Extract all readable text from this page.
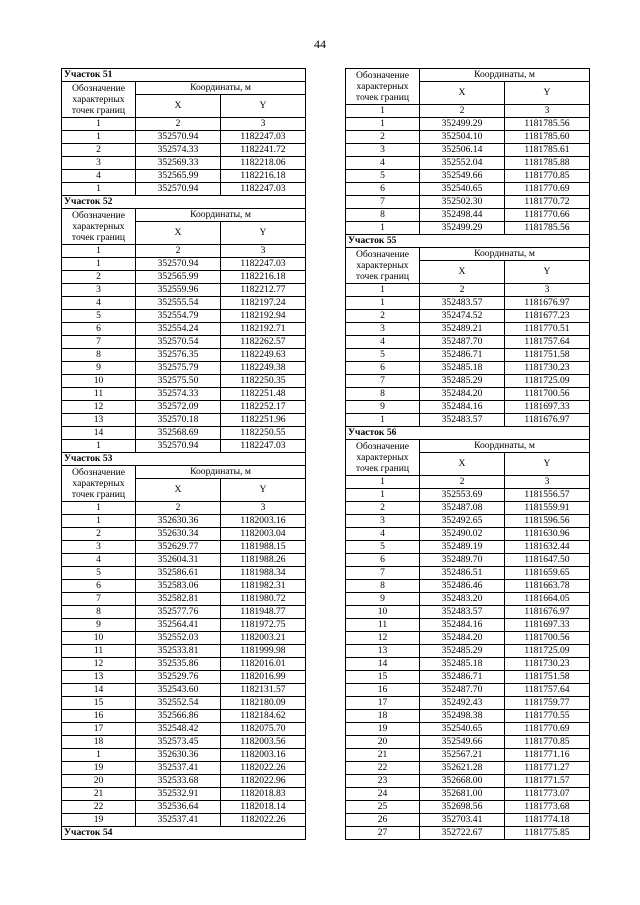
44
Участок 51		
Обозначение характерных точек границ	Координаты, м	
	X	Y
1	2	3
1	352570.94	1182247.03
2	352574.33	1182241.72
3	352569.33	1182218.06
4	352565.99	1182216.18
1	352570.94	1182247.03
Участок 52		
Обозначение характерных точек границ	Координаты, м	
	X	Y
1	2	3
1	352570.94	1182247.03
2	352565.99	1182216.18
3	352559.96	1182212.77
4	352555.54	1182197.24
5	352554.79	1182192.94
6	352554.24	1182192.71
7	352570.54	1182262.57
8	352576.35	1182249.63
9	352575.79	1182249.38
10	352575.50	1182250.35
11	352574.33	1182251.48
12	352572.09	1182252.17
13	352570.18	1182251.96
14	352568.69	1182250.55
1	352570.94	1182247.03
Участок 53		
Обозначение характерных точек границ	Координаты, м	
	X	Y
1	2	3
1	352630.36	1182003.16
2	352630.34	1182003.04
3	352629.77	1181988.15
4	352604.31	1181988.26
5	352586.61	1181988.34
6	352583.06	1181982.31
7	352582.81	1181980.72
8	352577.76	1181948.77
9	352564.41	1181972.75
10	352552.03	1182003.21
11	352533.81	1181999.98
12	352535.86	1182016.01
13	352529.76	1182016.99
14	352543.60	1182131.57
15	352552.54	1182180.09
16	352566.86	1182184.62
17	352548.42	1182075.70
18	352573.45	1182003.56
1	352630.36	1182003.16
19	352537.41	1182022.26
20	352533.68	1182022.96
21	352532.91	1182018.83
22	352536.64	1182018.14
19	352537.41	1182022.26
Участок 54		
Обозначение характерных точек границ	Координаты, м	
	X	Y
1	2	3
1	352499.29	1181785.56
2	352504.10	1181785.60
3	352506.14	1181785.61
4	352552.04	1181785.88
5	352549.66	1181770.85
6	352540.65	1181770.69
7	352502.30	1181770.72
8	352498.44	1181770.66
1	352499.29	1181785.56
Участок 55		
Обозначение характерных точек границ	Координаты, м	
	X	Y
1	2	3
1	352483.57	1181676.97
2	352474.52	1181677.23
3	352489.21	1181770.51
4	352487.70	1181757.64
5	352486.71	1181751.58
6	352485.18	1181730.23
7	352485.29	1181725.09
8	352484.20	1181700.56
9	352484.16	1181697.33
1	352483.57	1181676.97
Участок 56		
Обозначение характерных точек границ	Координаты, м	
	X	Y
1	2	3
1	352553.69	1181556.57
2	352487.08	1181559.91
3	352492.65	1181596.56
4	352490.02	1181630.96
5	352489.19	1181632.44
6	352489.70	1181647.50
7	352486.51	1181659.65
8	352486.46	1181663.78
9	352483.20	1181664.05
10	352483.57	1181676.97
11	352484.16	1181697.33
12	352484.20	1181700.56
13	352485.29	1181725.09
14	352485.18	1181730.23
15	352486.71	1181751.58
16	352487.70	1181757.64
17	352492.43	1181759.77
18	352498.38	1181770.55
19	352540.65	1181770.69
20	352549.66	1181770.85
21	352567.21	1181771.16
22	352621.28	1181771.27
23	352668.00	1181771.57
24	352681.00	1181773.07
25	352698.56	1181773.68
26	352703.41	1181774.18
27	352722.67	1181775.85
